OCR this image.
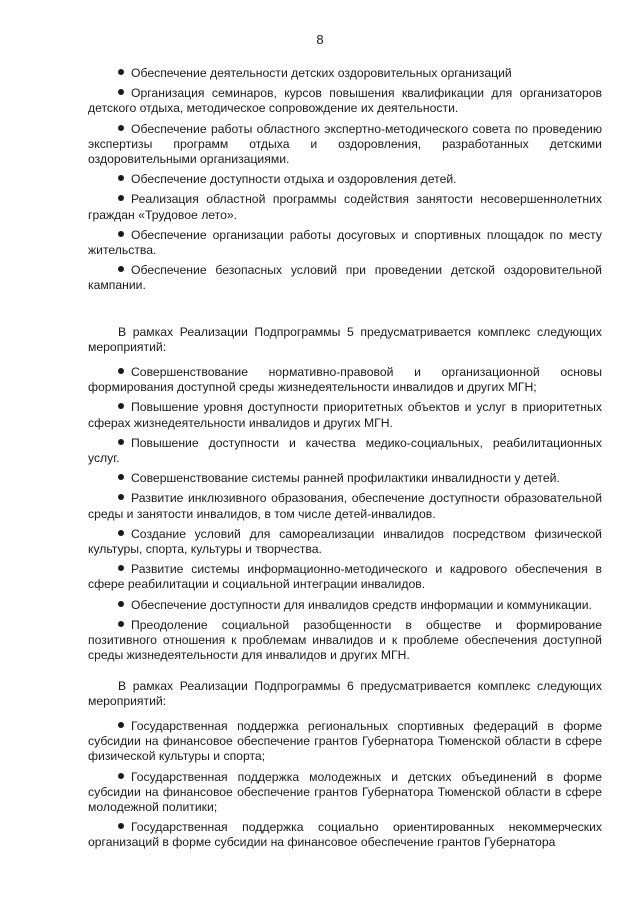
8

Обеспечение деятельности детских оздоровительных организаций

Организация семинаров, курсов повышения квалификации для организаторов детского отдыха, методическое сопровождение их деятельности.

Обеспечение работы областного экспертно-методического совета по проведению экспертизы программ отдыха и оздоровления, разработанных детскими оздоровительными организациями.

Обеспечение доступности отдыха и оздоровления детей.

Реализация областной программы содействия занятости несовершеннолетних граждан «Трудовое лето».

Обеспечение организации работы досуговых и спортивных площадок по месту жительства.

Обеспечение безопасных условий при проведении детской оздоровительной кампании.

В рамках Реализации Подпрограммы 5 предусматривается комплекс следующих мероприятий:

Совершенствование нормативно-правовой и организационной основы формирования доступной среды жизнедеятельности инвалидов и других МГН;

Повышение уровня доступности приоритетных объектов и услуг в приоритетных сферах жизнедеятельности инвалидов и других МГН.

Повышение доступности и качества медико-социальных, реабилитационных услуг.

Совершенствование системы ранней профилактики инвалидности у детей.

Развитие инклюзивного образования, обеспечение доступности образовательной среды и занятости инвалидов, в том числе детей-инвалидов.

Создание условий для самореализации инвалидов посредством физической культуры, спорта, культуры и творчества.

Развитие системы информационно-методического и кадрового обеспечения в сфере реабилитации и социальной интеграции инвалидов.

Обеспечение доступности для инвалидов средств информации и коммуникации.

Преодоление социальной разобщенности в обществе и формирование позитивного отношения к проблемам инвалидов и к проблеме обеспечения доступной среды жизнедеятельности для инвалидов и других МГН.

В рамках Реализации Подпрограммы 6 предусматривается комплекс следующих мероприятий:

Государственная поддержка региональных спортивных федераций в форме субсидии на финансовое обеспечение грантов Губернатора Тюменской области в сфере физической культуры и спорта;

Государственная поддержка молодежных и детских объединений в форме субсидии на финансовое обеспечение грантов Губернатора Тюменской области в сфере молодежной политики;

Государственная поддержка социально ориентированных некоммерческих организаций в форме субсидии на финансовое обеспечение грантов Губернатора
